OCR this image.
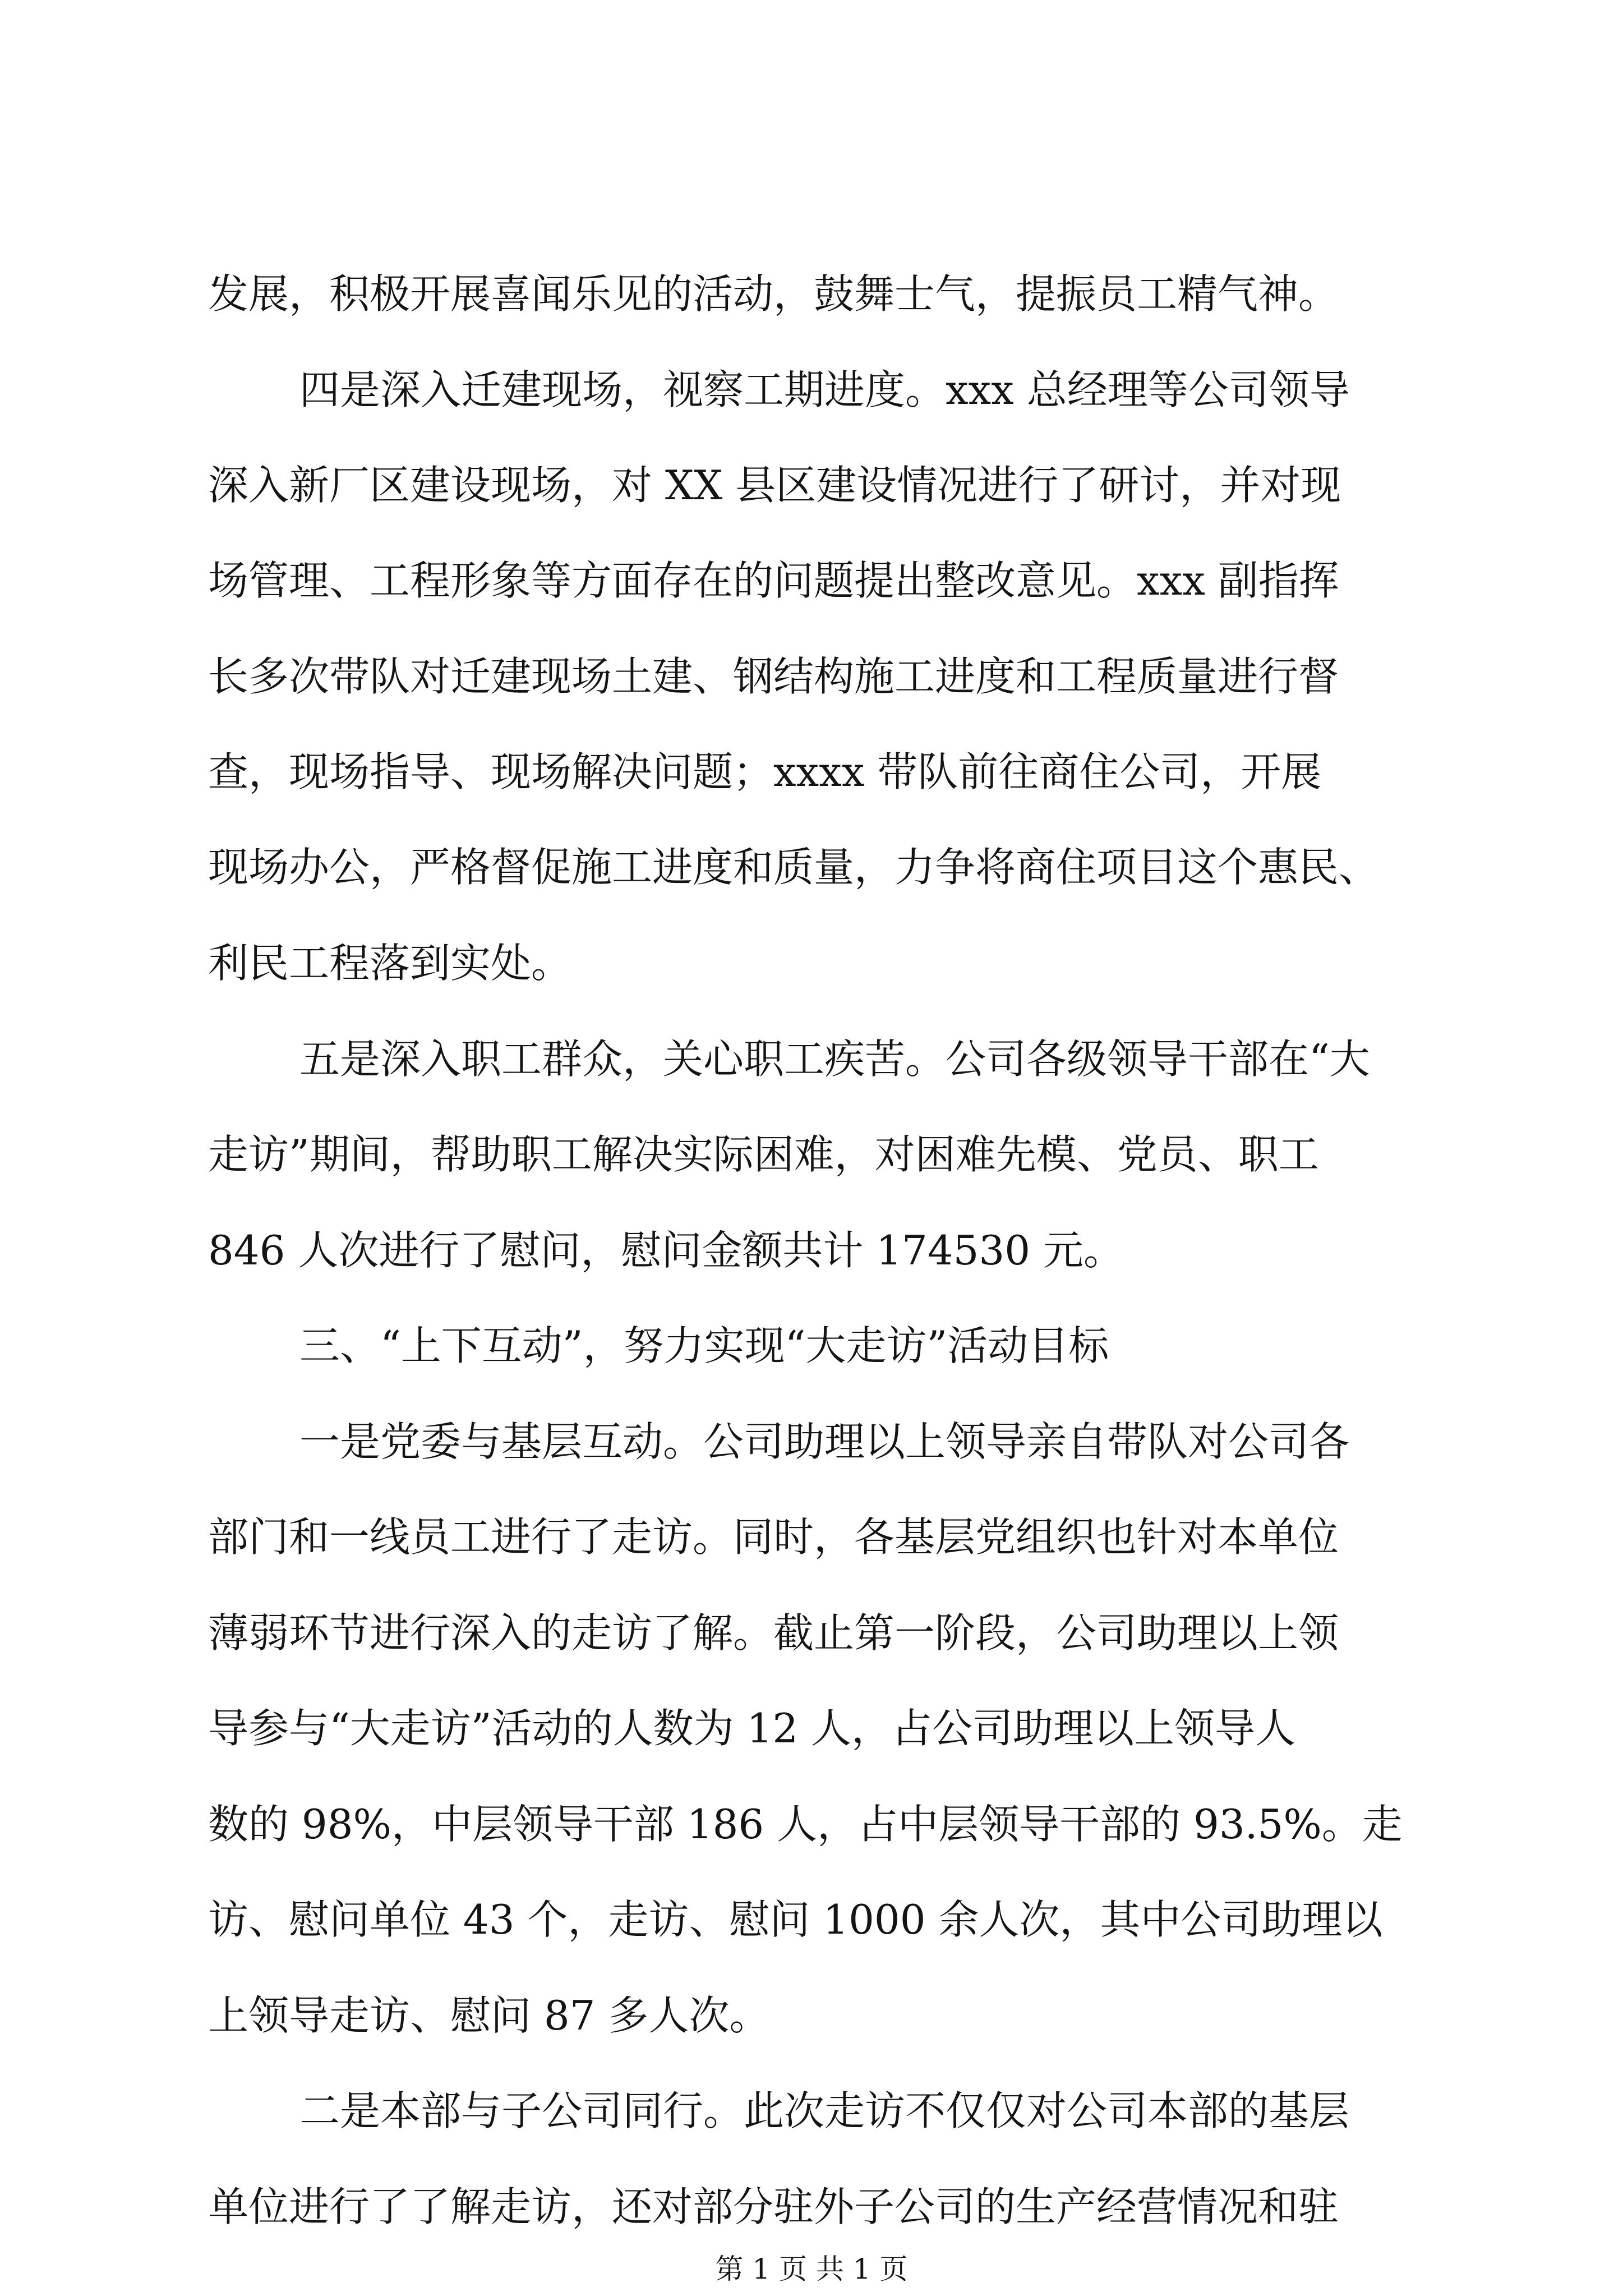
发展，积极开展喜闻乐见的活动，鼓舞士气，提振员工精气神。
四是深入迁建现场，视察工期进度。xxx 总经理等公司领导
深入新厂区建设现场，对 XX 县区建设情况进行了研讨，并对现
场管理、工程形象等方面存在的问题提出整改意见。xxx 副指挥
长多次带队对迁建现场土建、钢结构施工进度和工程质量进行督
查，现场指导、现场解决问题；xxxx 带队前往商住公司，开展
现场办公，严格督促施工进度和质量，力争将商住项目这个惠民、
利民工程落到实处。
五是深入职工群众，关心职工疾苦。公司各级领导干部在“大
走访”期间，帮助职工解决实际困难，对困难先模、党员、职工
846 人次进行了慰问，慰问金额共计 174530 元。
三、“上下互动”，努力实现“大走访”活动目标
一是党委与基层互动。公司助理以上领导亲自带队对公司各
部门和一线员工进行了走访。同时，各基层党组织也针对本单位
薄弱环节进行深入的走访了解。截止第一阶段，公司助理以上领
导参与“大走访”活动的人数为 12 人，占公司助理以上领导人
数的 98%，中层领导干部 186 人，占中层领导干部的 93.5%。走
访、慰问单位 43 个，走访、慰问 1000 余人次，其中公司助理以
上领导走访、慰问 87 多人次。
二是本部与子公司同行。此次走访不仅仅对公司本部的基层
单位进行了了解走访，还对部分驻外子公司的生产经营情况和驻
第 1 页 共 1 页
